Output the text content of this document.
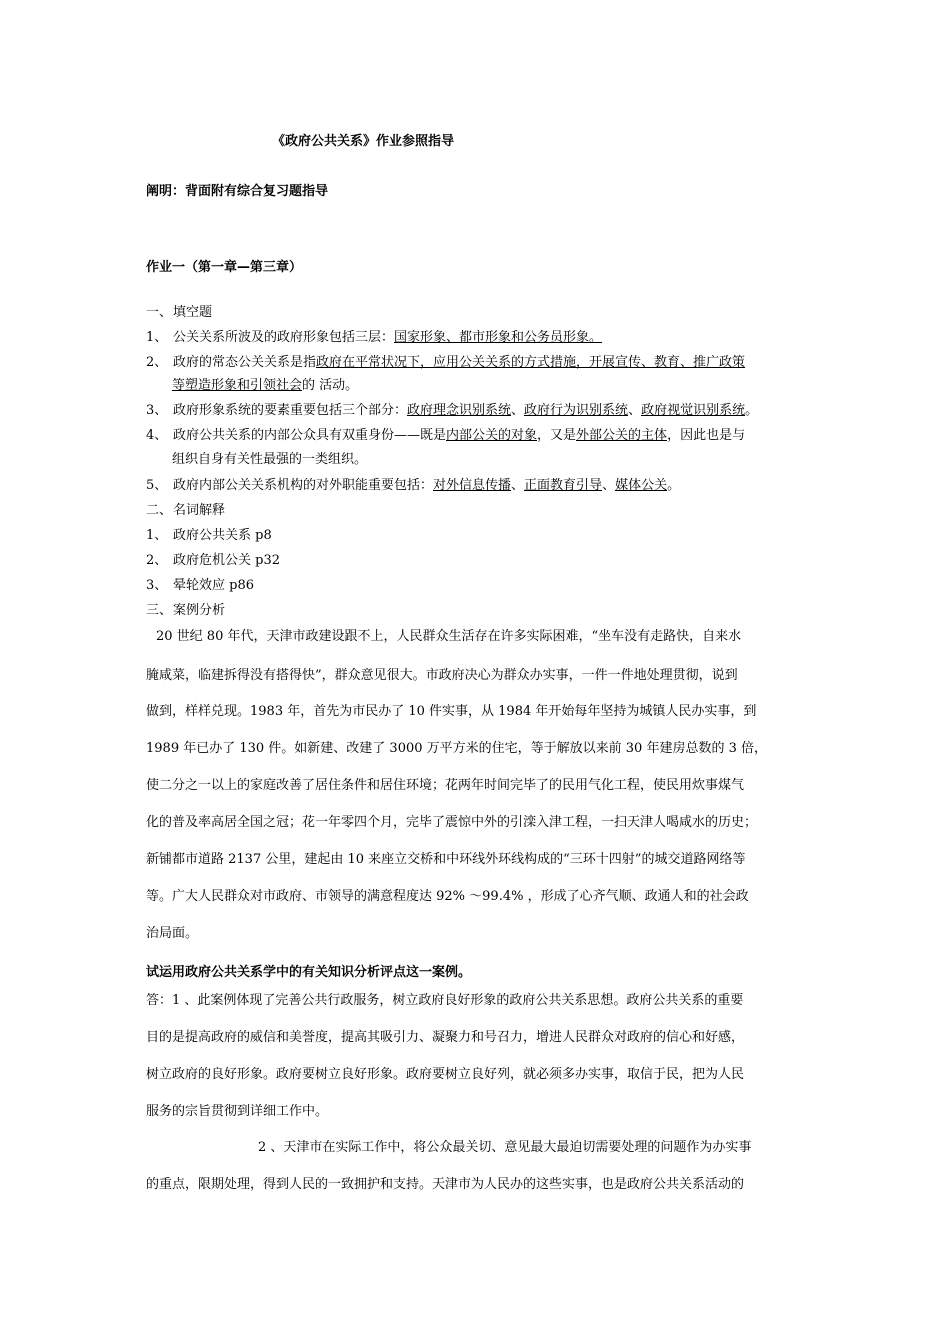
《政府公共关系》作业参照指导
阐明：背面附有综合复习题指导
作业一（第一章—第三章）
一、填空题
1、 公关关系所波及的政府形象包括三层：国家形象、都市形象和公务员形象。
2、 政府的常态公关关系是指政府在平常状况下，应用公关关系的方式措施，开展宣传、教育、推广政策
等塑造形象和引领社会的 活动。
3、 政府形象系统的要素重要包括三个部分：政府理念识别系统、政府行为识别系统、政府视觉识别系统。
4、 政府公共关系的内部公众具有双重身份——既是内部公关的对象，又是外部公关的主体，因此也是与
组织自身有关性最强的一类组织。
5、 政府内部公关关系机构的对外职能重要包括：对外信息传播、正面教育引导、媒体公关。
二、名词解释
1、 政府公共关系 p8
2、 政府危机公关 p32
3、 晕轮效应 p86
三、案例分析
20 世纪 80 年代，天津市政建设跟不上，人民群众生活存在许多实际困难，“坐车没有走路快，自来水
腌咸菜，临建拆得没有搭得快”，群众意见很大。市政府决心为群众办实事，一件一件地处理贯彻，说到
做到，样样兑现。1983 年，首先为市民办了 10 件实事，从 1984 年开始每年坚持为城镇人民办实事，到
1989 年已办了 130 件。如新建、改建了 3000 万平方米的住宅，等于解放以来前 30 年建房总数的 3 倍，
使二分之一以上的家庭改善了居住条件和居住环境；花两年时间完毕了的民用气化工程，使民用炊事煤气
化的普及率高居全国之冠；花一年零四个月，完毕了震惊中外的引滦入津工程，一扫天津人喝咸水的历史；
新铺都市道路 2137 公里，建起由 10 来座立交桥和中环线外环线构成的“三环十四射”的城交道路网络等
等。广大人民群众对市政府、市领导的满意程度达 92% ～99.4% ，形成了心齐气顺、政通人和的社会政
治局面。
试运用政府公共关系学中的有关知识分析评点这一案例。
答：1 、此案例体现了完善公共行政服务，树立政府良好形象的政府公共关系思想。政府公共关系的重要
目的是提高政府的威信和美誉度，提高其吸引力、凝聚力和号召力，增进人民群众对政府的信心和好感，
树立政府的良好形象。政府要树立良好形象。政府要树立良好列，就必须多办实事，取信于民，把为人民
服务的宗旨贯彻到详细工作中。
2 、天津市在实际工作中，将公众最关切、意见最大最迫切需要处理的问题作为办实事
的重点，限期处理，得到人民的一致拥护和支持。天津市为人民办的这些实事，也是政府公共关系活动的
